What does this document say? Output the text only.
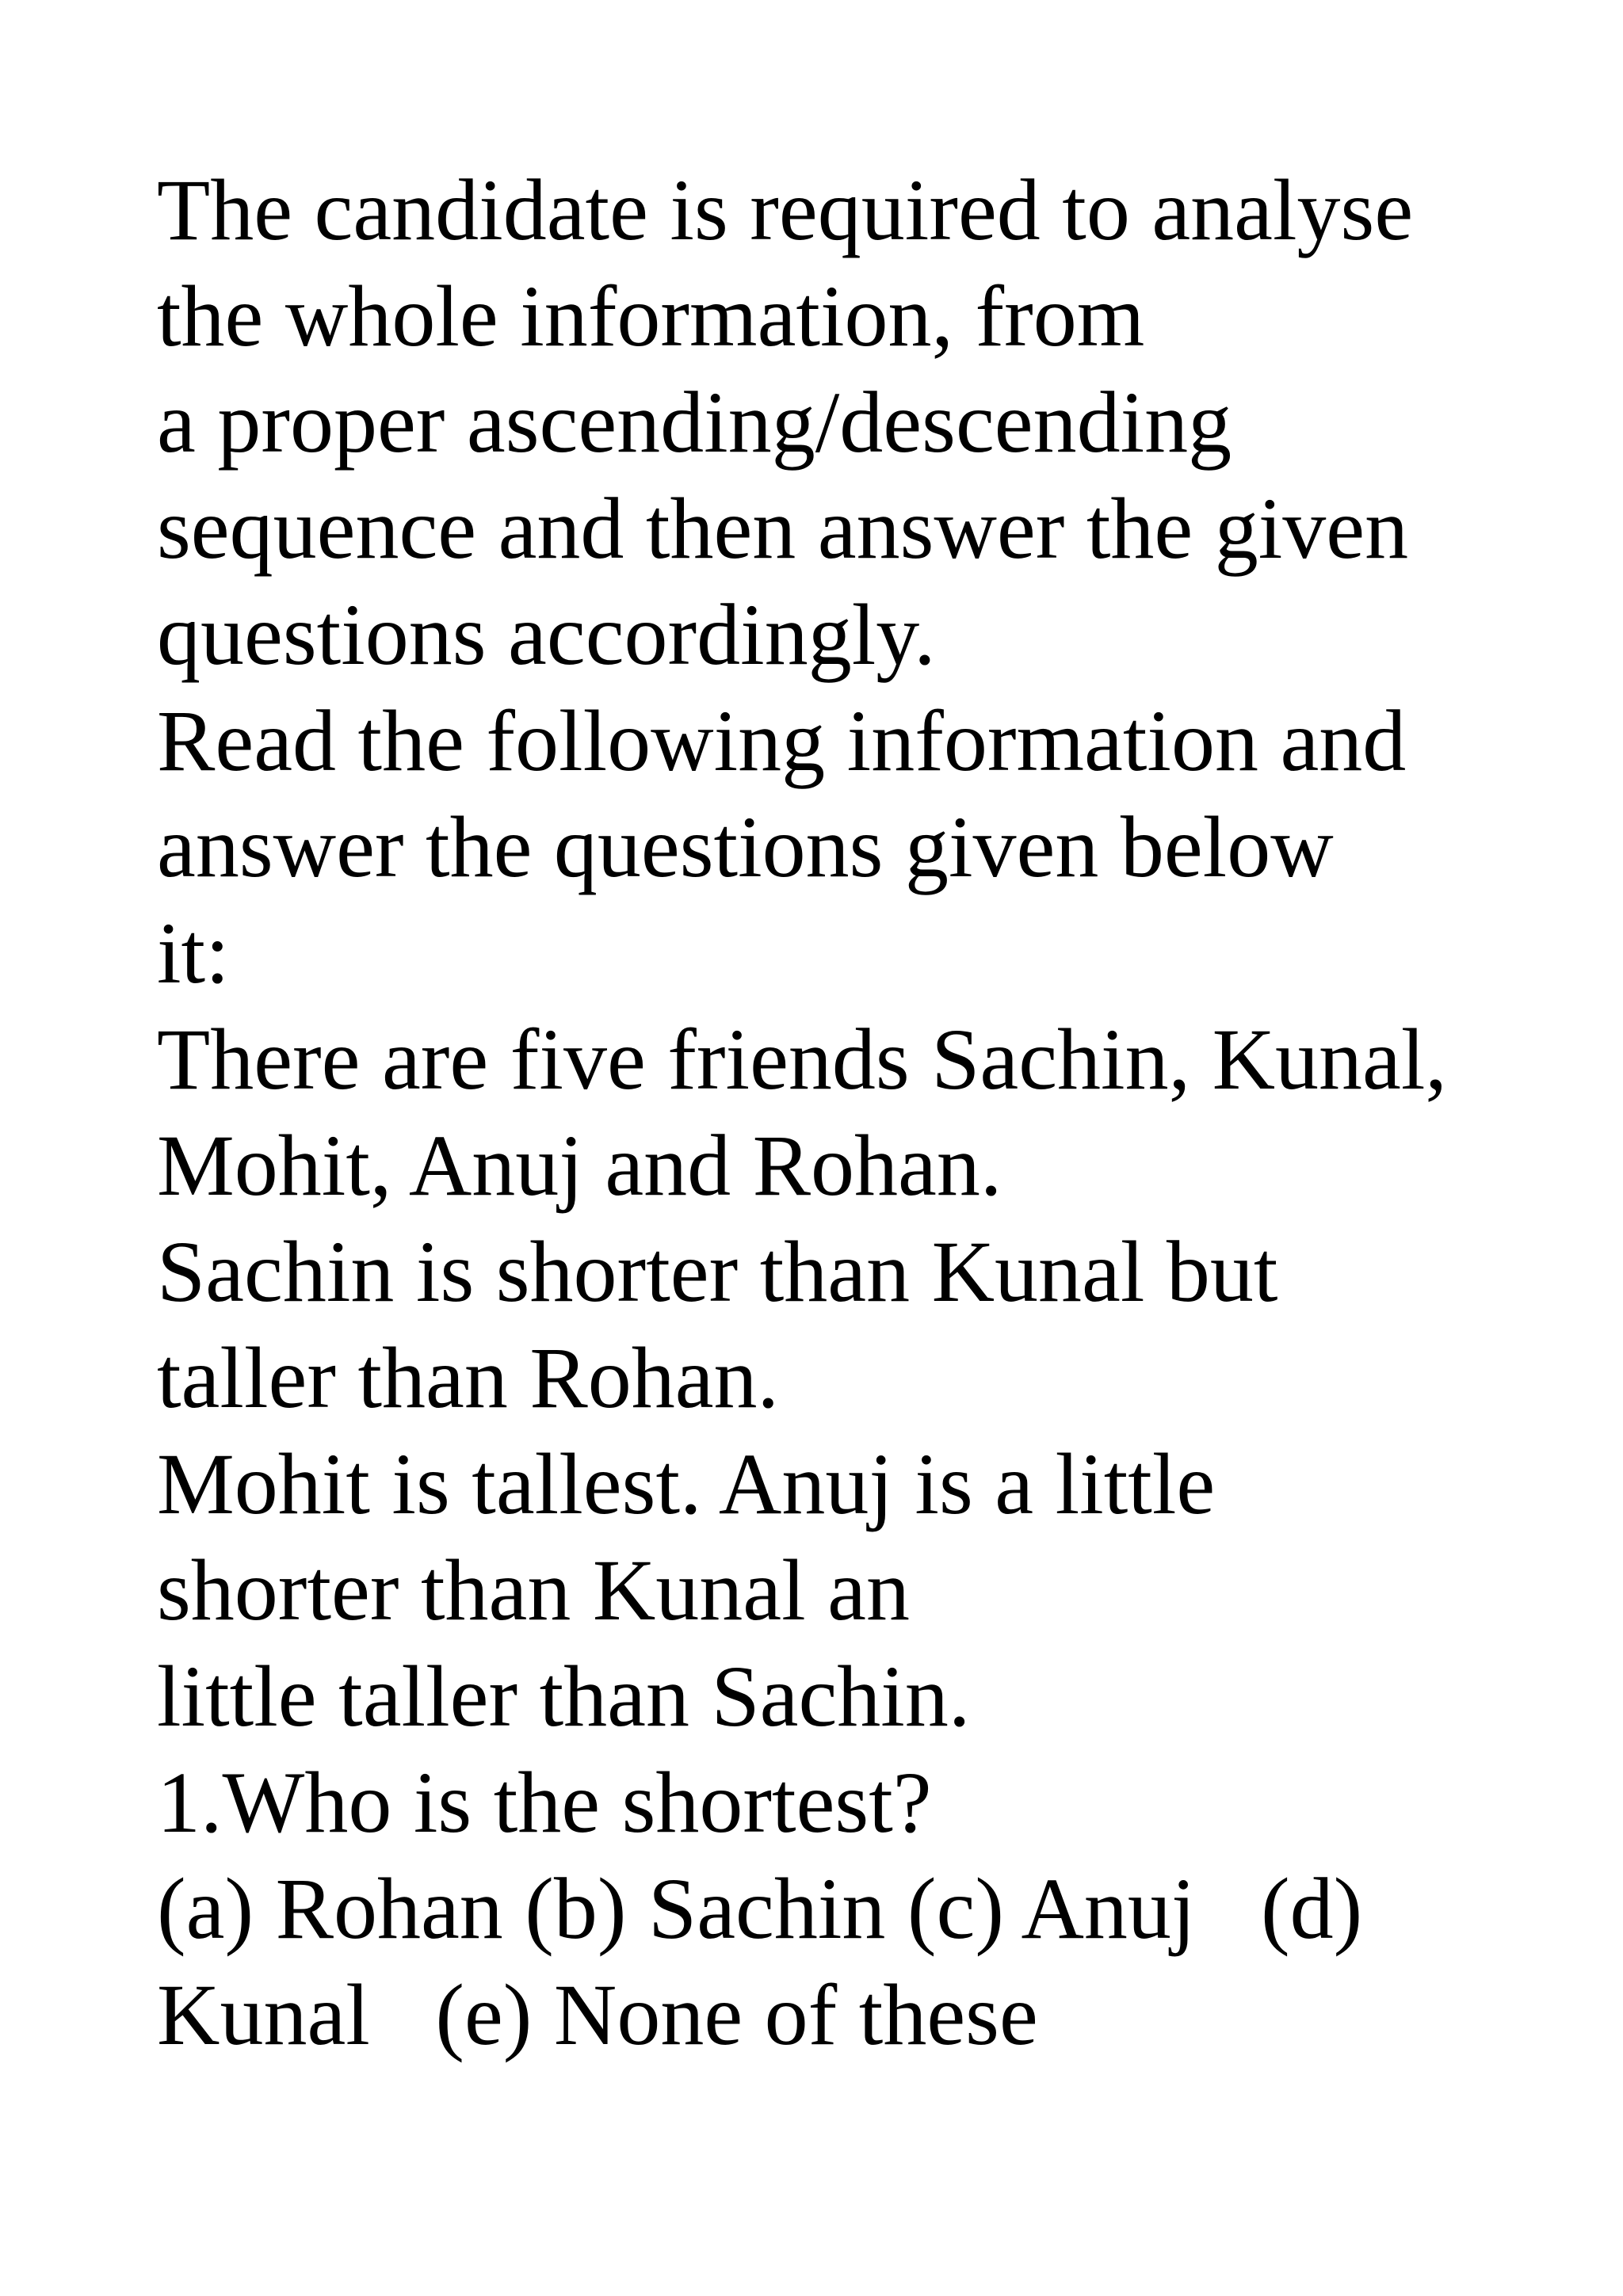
The candidate is required to analyse
the whole information, from
a proper ascending/descending
sequence and then answer the given
questions accordingly.
Read the following information and
answer the questions given below
it:
There are five friends Sachin, Kunal,
Mohit, Anuj and Rohan.
Sachin is shorter than Kunal but
taller than Rohan.
Mohit is tallest. Anuj is a little
shorter than Kunal an
little taller than Sachin.
1.Who is the shortest?
(a) Rohan (b) Sachin (c) Anuj   (d)
Kunal   (e) None of these
